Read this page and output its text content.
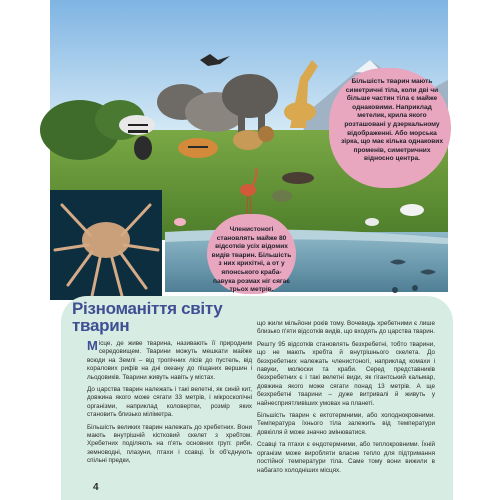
Більшість тварин мають симетричні тіла, коли дві чи більше частин тіла є майже однаковими. Наприклад метелик, крила якого розташовані у дзеркальному відображенні. Або морська зірка, що має кілька однакових променів, симетричних відносно центра.
Членистоногі становлять майже 80 відсотків усіх відомих видів тварин. Більшість з них крихітні, а от у японського краба-павука розмах ніг сягає трьох метрів.
Різноманіття світу тварин

Місце, де живе тварина, називають її природним середовищем. Тварини можуть мешкати майже всюди на Землі – від тропічних лісів до пустель, від коралових рифів на дні океану до піщаних вершин і льодовиків. Тварини живуть навіть у містах.

До царства тварин належать і такі велетні, як синій кит, довжина якого може сягати 33 метрів, і мікроскопічні організми, наприклад коловертки, розмір яких становить близько міліметра.

Більшість великих тварин належать до хребетних. Вони мають внутрішній кістковий скелет з хребтом. Хребетних поділяють на п'ять основних груп: риби, земноводні, плазуни, птахи і ссавці. Їх об'єднують спільні предки,

що жили мільйони років тому. Вочевидь хребетними є лише близько п'яти відсотків видів, що входять до царства тварин.

Решту 95 відсотків становлять безхребетні, тобто тварини, що не мають хребта й внутрішнього скелета. До безхребетних належать членистоногі, наприклад комахи і павуки, молюски та краби. Серед представників безхребетних є і такі велетні види, як гігантський кальмар, довжина якого може сягати понад 13 метрів. А ще безхребетні тварини – дуже витривалі й живуть у найнесприятливіших умовах на планеті.

Більшість тварин є ектотермними, або холоднокровними. Температура їхнього тіла залежить від температури довкілля й може значно змінюватися.

Ссавці та птахи є ендотермними, або теплокровними. Їхній організм може виробляти власне тепло для підтримання постійної температури тіла. Саме тому вони вижили в набагато холодніших місцях.

4
